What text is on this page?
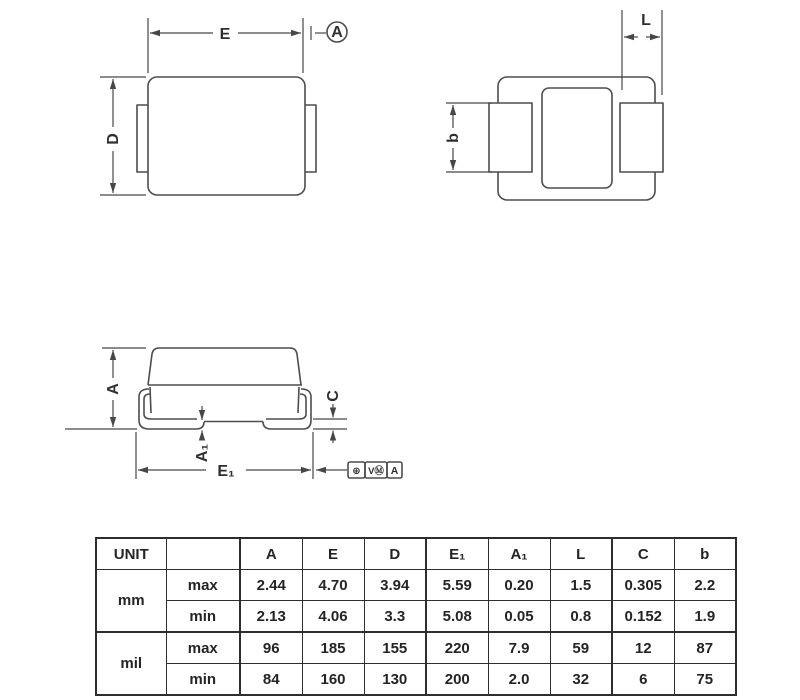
E	A
D
L
b
A
C
A₁
E₁	⊕ VⓂ A
UNIT		A	E	D	E₁	A₁	L	C	b
mm	max	2.44	4.70	3.94	5.59	0.20	1.5	0.305	2.2
	min	2.13	4.06	3.3	5.08	0.05	0.8	0.152	1.9
mil	max	96	185	155	220	7.9	59	12	87
	min	84	160	130	200	2.0	32	6	75
